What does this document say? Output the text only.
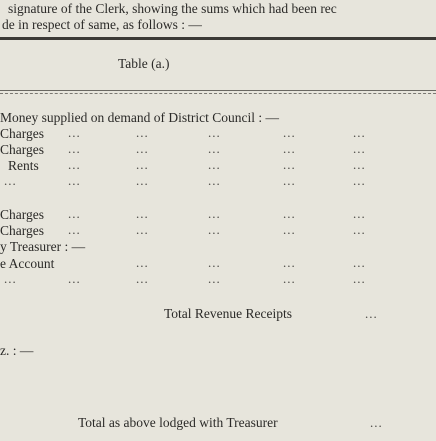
signature of the Clerk, showing the sums which had been rec
de in respect of same, as follows : —
Table (a.)
Money supplied on demand of District Council : —
Charges ...	...	...	...	...
Charges ...	...	...	...	...
Rents ...	...	...	...	...
...	...	...	...	...	...
Charges ...	...	...	...	...
Charges ...	...	...	...	...
y Treasurer : —
e Account	...	...	...	...
...	...	...	...	...	...
Total Revenue Receipts	...
z. : —
Total as above lodged with Treasurer	...
